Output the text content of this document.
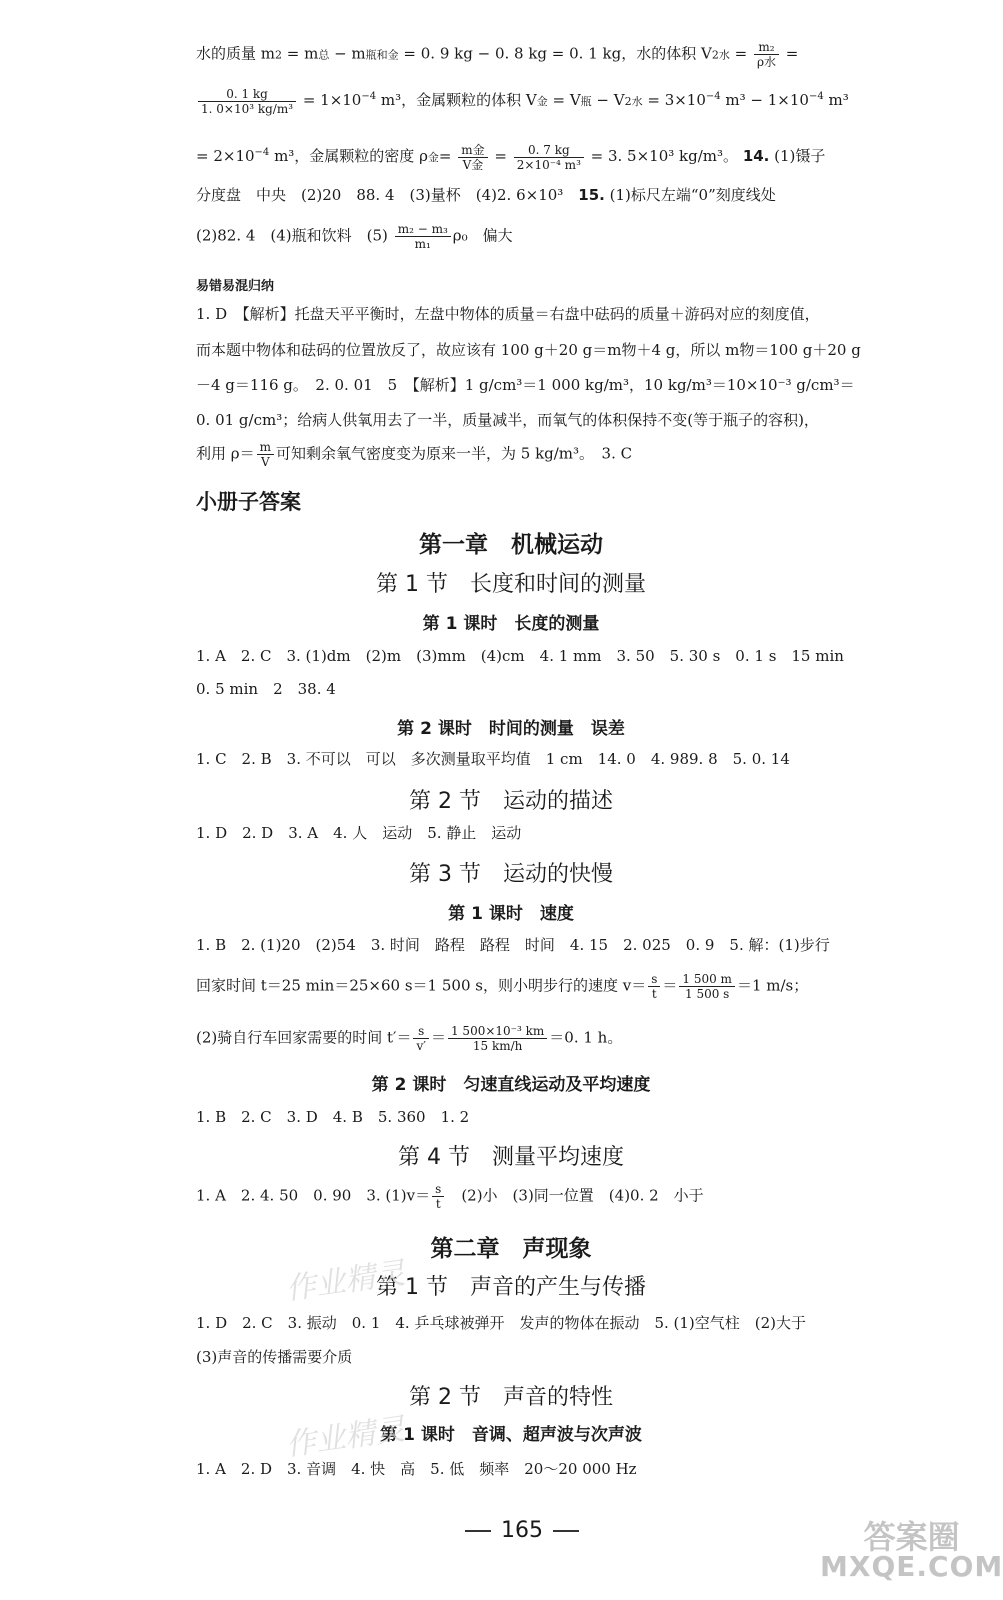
水的质量 m2 = m总 − m瓶和金 = 0. 9 kg − 0. 8 kg = 0. 1 kg，水的体积 V2水 = $\frac{\text{m₂}}{\text{ρ水}}$ =
$\frac{0. 1 kg}{\text{1. 0×10³ kg/m³}} = 1\times 10^{-4}$ m³，金属颗粒的体积 V金 = V瓶 − V2水 = $3\times 10^{-4}$ $m^3 - 1\times 10^{-4}$ m³
= $2\times 10^{-4}$ m³，金属颗粒的密度 ρ金= $\frac{\text{m金}}{\text{V金}} = \frac{0. 7 kg}{\text{2×10⁻⁴ m³}} = 3$. 5×10³ kg/m³。 14. (1)镊子
分度盘　中央　(2)20　88. 4　(3)量杯　(4)2. 6×10³　15. (1)标尺左端“0”刻度线处
(2)82. 4　(4)瓶和饮料　$(5) \frac{\text{m₂ − m₃}}{\text{m₁}} \rho_0$　偏大
易错易混归纳
1. D　【解析】托盘天平平衡时，左盘中物体的质量＝右盘中砝码的质量＋游码对应的刻度值，
而本题中物体和砝码的位置放反了，故应该有 100 g＋20 g＝m物＋4 g，所以 m物＝100 g＋20 g
－4 g＝116 g。　2. 0. 01　5　【解析】1 g/cm³＝1 000 kg/m³，10 kg/m³＝10×10⁻³ g/cm³＝
0. 01 g/cm³；给病人供氧用去了一半，质量减半，而氧气的体积保持不变(等于瓶子的容积)，
利用 $\rho= \frac{m}{V}$ 可知剩余氧气密度变为原来一半，为 5 kg/m³。　3. C
小册子答案
第一章　机械运动
第 1 节　长度和时间的测量
第 1 课时　长度的测量
1. A　2. C　3. (1)dm　(2)m　(3)mm　(4)cm　4. 1 mm　3. 50　5. 30 s　0. 1 s　15 min
0. 5 min　2　38. 4
第 2 课时　时间的测量　误差
1. C　2. B　3. 不可以　可以　多次测量取平均值　1 cm　14. 0　4. 989. 8　5. 0. 14
第 2 节　运动的描述
1. D　2. D　3. A　4. 人　运动　5. 静止　运动
第 3 节　运动的快慢
第 1 课时　速度
1. B　2. (1)20　(2)54　3. 时间　路程　路程　时间　4. 15　2. 025　0. 9　5. 解：(1)步行
回家时间 t＝25 min＝25×60 s＝1 500 s，则小明步行的速度 $v= \frac{s}{t} = \frac{1 500 m}{1 500 s} =1$ m/s；
(2)骑自行车回家需要的时间 $t'= \frac{s}{v'} = \frac{\text{1 500×10⁻³ km}}{15 km/h} =0$. 1 h。
第 2 课时　匀速直线运动及平均速度
1. B　2. C　3. D　4. B　5. 360　1. 2
第 4 节　测量平均速度
1. A　2. 4. 50　0. 90　3. $(1)v= \frac{s}{t}$ 　(2)小　(3)同一位置　(4)0. 2　小于
第二章　声现象
第 1 节　声音的产生与传播
1. D　2. C　3. 振动　0. 1　4. 乒乓球被弹开　发声的物体在振动　5. (1)空气柱　(2)大于
(3)声音的传播需要介质
第 2 节　声音的特性
第 1 课时　音调、超声波与次声波
1. A　2. D　3. 音调　4. 快　高　5. 低　频率　20～20 000 Hz
165
作业精灵
作业精灵
答案圈
MXQE.COM
